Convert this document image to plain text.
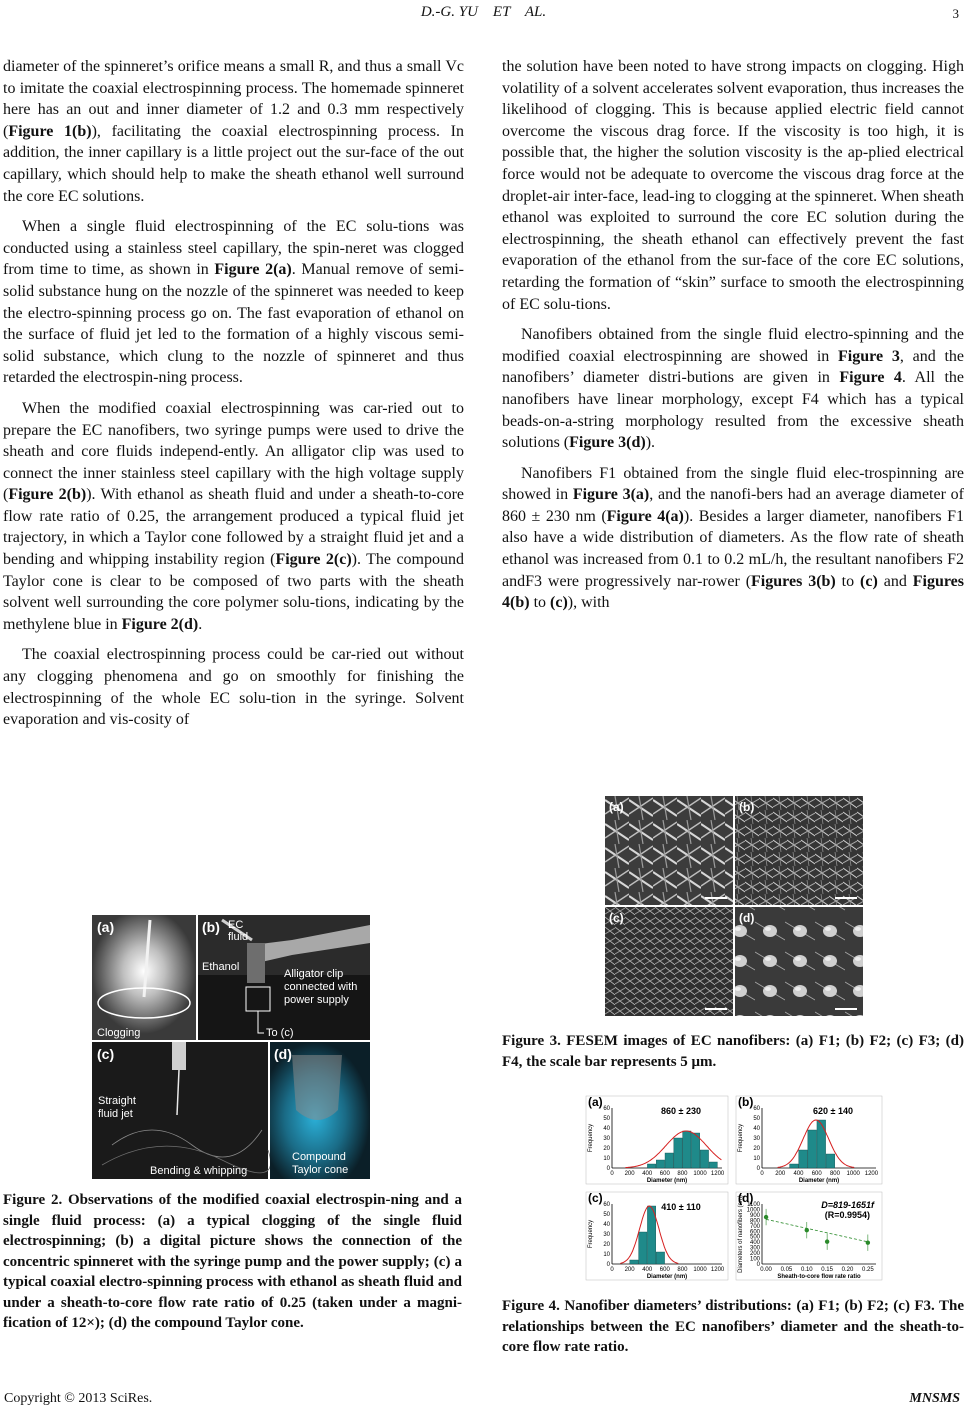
D.-G. YU    ET    AL.	3

diameter of the spinneret’s orifice means a small R, and thus a small Vc to imitate the coaxial electrospinning process. The homemade spinneret here has an out and inner diameter of 1.2 and 0.3 mm respectively (Figure 1(b)), facilitating the coaxial electrospinning process. In addition, the inner capillary is a little project out the sur-face of the out capillary, which should help to make the sheath ethanol well surround the core EC solutions.

When a single fluid electrospinning of the EC solu-tions was conducted using a stainless steel capillary, the spin-neret was clogged from time to time, as shown in Figure 2(a). Manual remove of semi-solid substance hung on the nozzle of the spinneret was needed to keep the electro-spinning process go on. The fast evaporation of ethanol on the surface of fluid jet led to the formation of a highly viscous semi-solid substance, which clung to the nozzle of spinneret and thus retarded the electrospin-ning process.

When the modified coaxial electrospinning was car-ried out to prepare the EC nanofibers, two syringe pumps were used to drive the sheath and core fluids independ-ently. An alligator clip was used to connect the inner stainless steel capillary with the high voltage supply (Figure 2(b)). With ethanol as sheath fluid and under a sheath-to-core flow rate ratio of 0.25, the arrangement produced a typical fluid jet trajectory, in which a Taylor cone followed by a straight fluid jet and a bending and whipping instability region (Figure 2(c)). The compound Taylor cone is clear to be composed of two parts with the sheath solvent well surrounding the core polymer solu-tions, indicating by the methylene blue in Figure 2(d).

The coaxial electrospinning process could be car-ried out without any clogging phenomena and go on smoothly for finishing the electrospinning of the whole EC solu-tion in the syringe. Solvent evaporation and vis-cosity of

the solution have been noted to have strong impacts on clogging. High volatility of a solvent accelerates solvent evaporation, thus increases the likelihood of clogging. This is because applied electric field cannot overcome the viscous drag force. If the viscosity is too high, it is possible that, the higher the solution viscosity is the ap-plied electrical force would not be adequate to overcome the viscous drag force at the droplet-air inter-face, lead-ing to clogging at the spinneret. When sheath ethanol was exploited to surround the core EC solution during the electrospinning, the sheath ethanol can effectively prevent the fast evaporation of the ethanol from the sur-face of the core EC solutions, retarding the formation of “skin” surface to smooth the electrospinning of EC solu-tions.

Nanofibers obtained from the single fluid electro-spinning and the modified coaxial electrospinning are showed in Figure 3, and the nanofibers’ diameter distri-butions are given in Figure 4. All the nanofibers have linear morphology, except F4 which has a typical beads-on-a-string morphology resulted from the excessive sheath solutions (Figure 3(d)).

Nanofibers F1 obtained from the single fluid elec-trospinning are showed in Figure 3(a), and the nanofi-bers had an average diameter of 860 ± 230 nm (Figure 4(a)). Besides a larger diameter, nanofibers F1 also have a wide distribution of diameters. As the flow rate of sheath ethanol was increased from 0.1 to 0.2 mL/h, the resultant nanofibers F2 andF3 were progressively nar-rower (Figures 3(b) to (c) and Figures 4(b) to (c)), with

(a)
Clogging
(b) EC
fluid
Ethanol
Alligator clip
connected with
power supply
To (c)
(c)
Straight
fluid jet
Bending & whipping
(d)
Compound
Taylor cone
Figure 2. Observations of the modified coaxial electrospin-ning and a single fluid process: (a) a typical clogging of the single fluid electrospinning; (b) a digital picture shows the connection of the concentric spinneret with the syringe pump and the power supply; (c) a typical coaxial electro-spinning process with ethanol as sheath fluid and under a sheath-to-core flow rate ratio of 0.25 (taken under a magni-fication of 12×); (d) the compound Taylor cone.
(a)	(b)
(c)	(d)
Figure 3. FESEM images of EC nanofibers: (a) F1; (b) F2; (c) F3; (d) F4, the scale bar represents 5 μm.
(a)
0 200 400 600 800 1000 1200
0
10
20
30
40
50
60
Diameter (nm)
Frequency
860 ± 230
(b)
0 200 400 600 800 1000 1200
0
10
20
30
40
50
60
Diameter (nm)
Frequency
620 ± 140
(c)
0 200 400 600 800 1000 1200
0
10
20
30
40
50
60
Diameter (nm)
Frequency
410 ± 110
(d)
0.00 0.05 0.10 0.15 0.20 0.25
0
100
200
300
400
500
600
700
800
900
1000
1100
Sheath-to-core flow rate ratio
Diameters of nanofibers (nm)	D=819-1651f
(R=0.9954)
Figure 4. Nanofiber diameters’ distributions: (a) F1; (b) F2; (c) F3. The relationships between the EC nanofibers’ diameter and the sheath-to-core flow rate ratio.
Copyright © 2013 SciRes.	MNSMS
